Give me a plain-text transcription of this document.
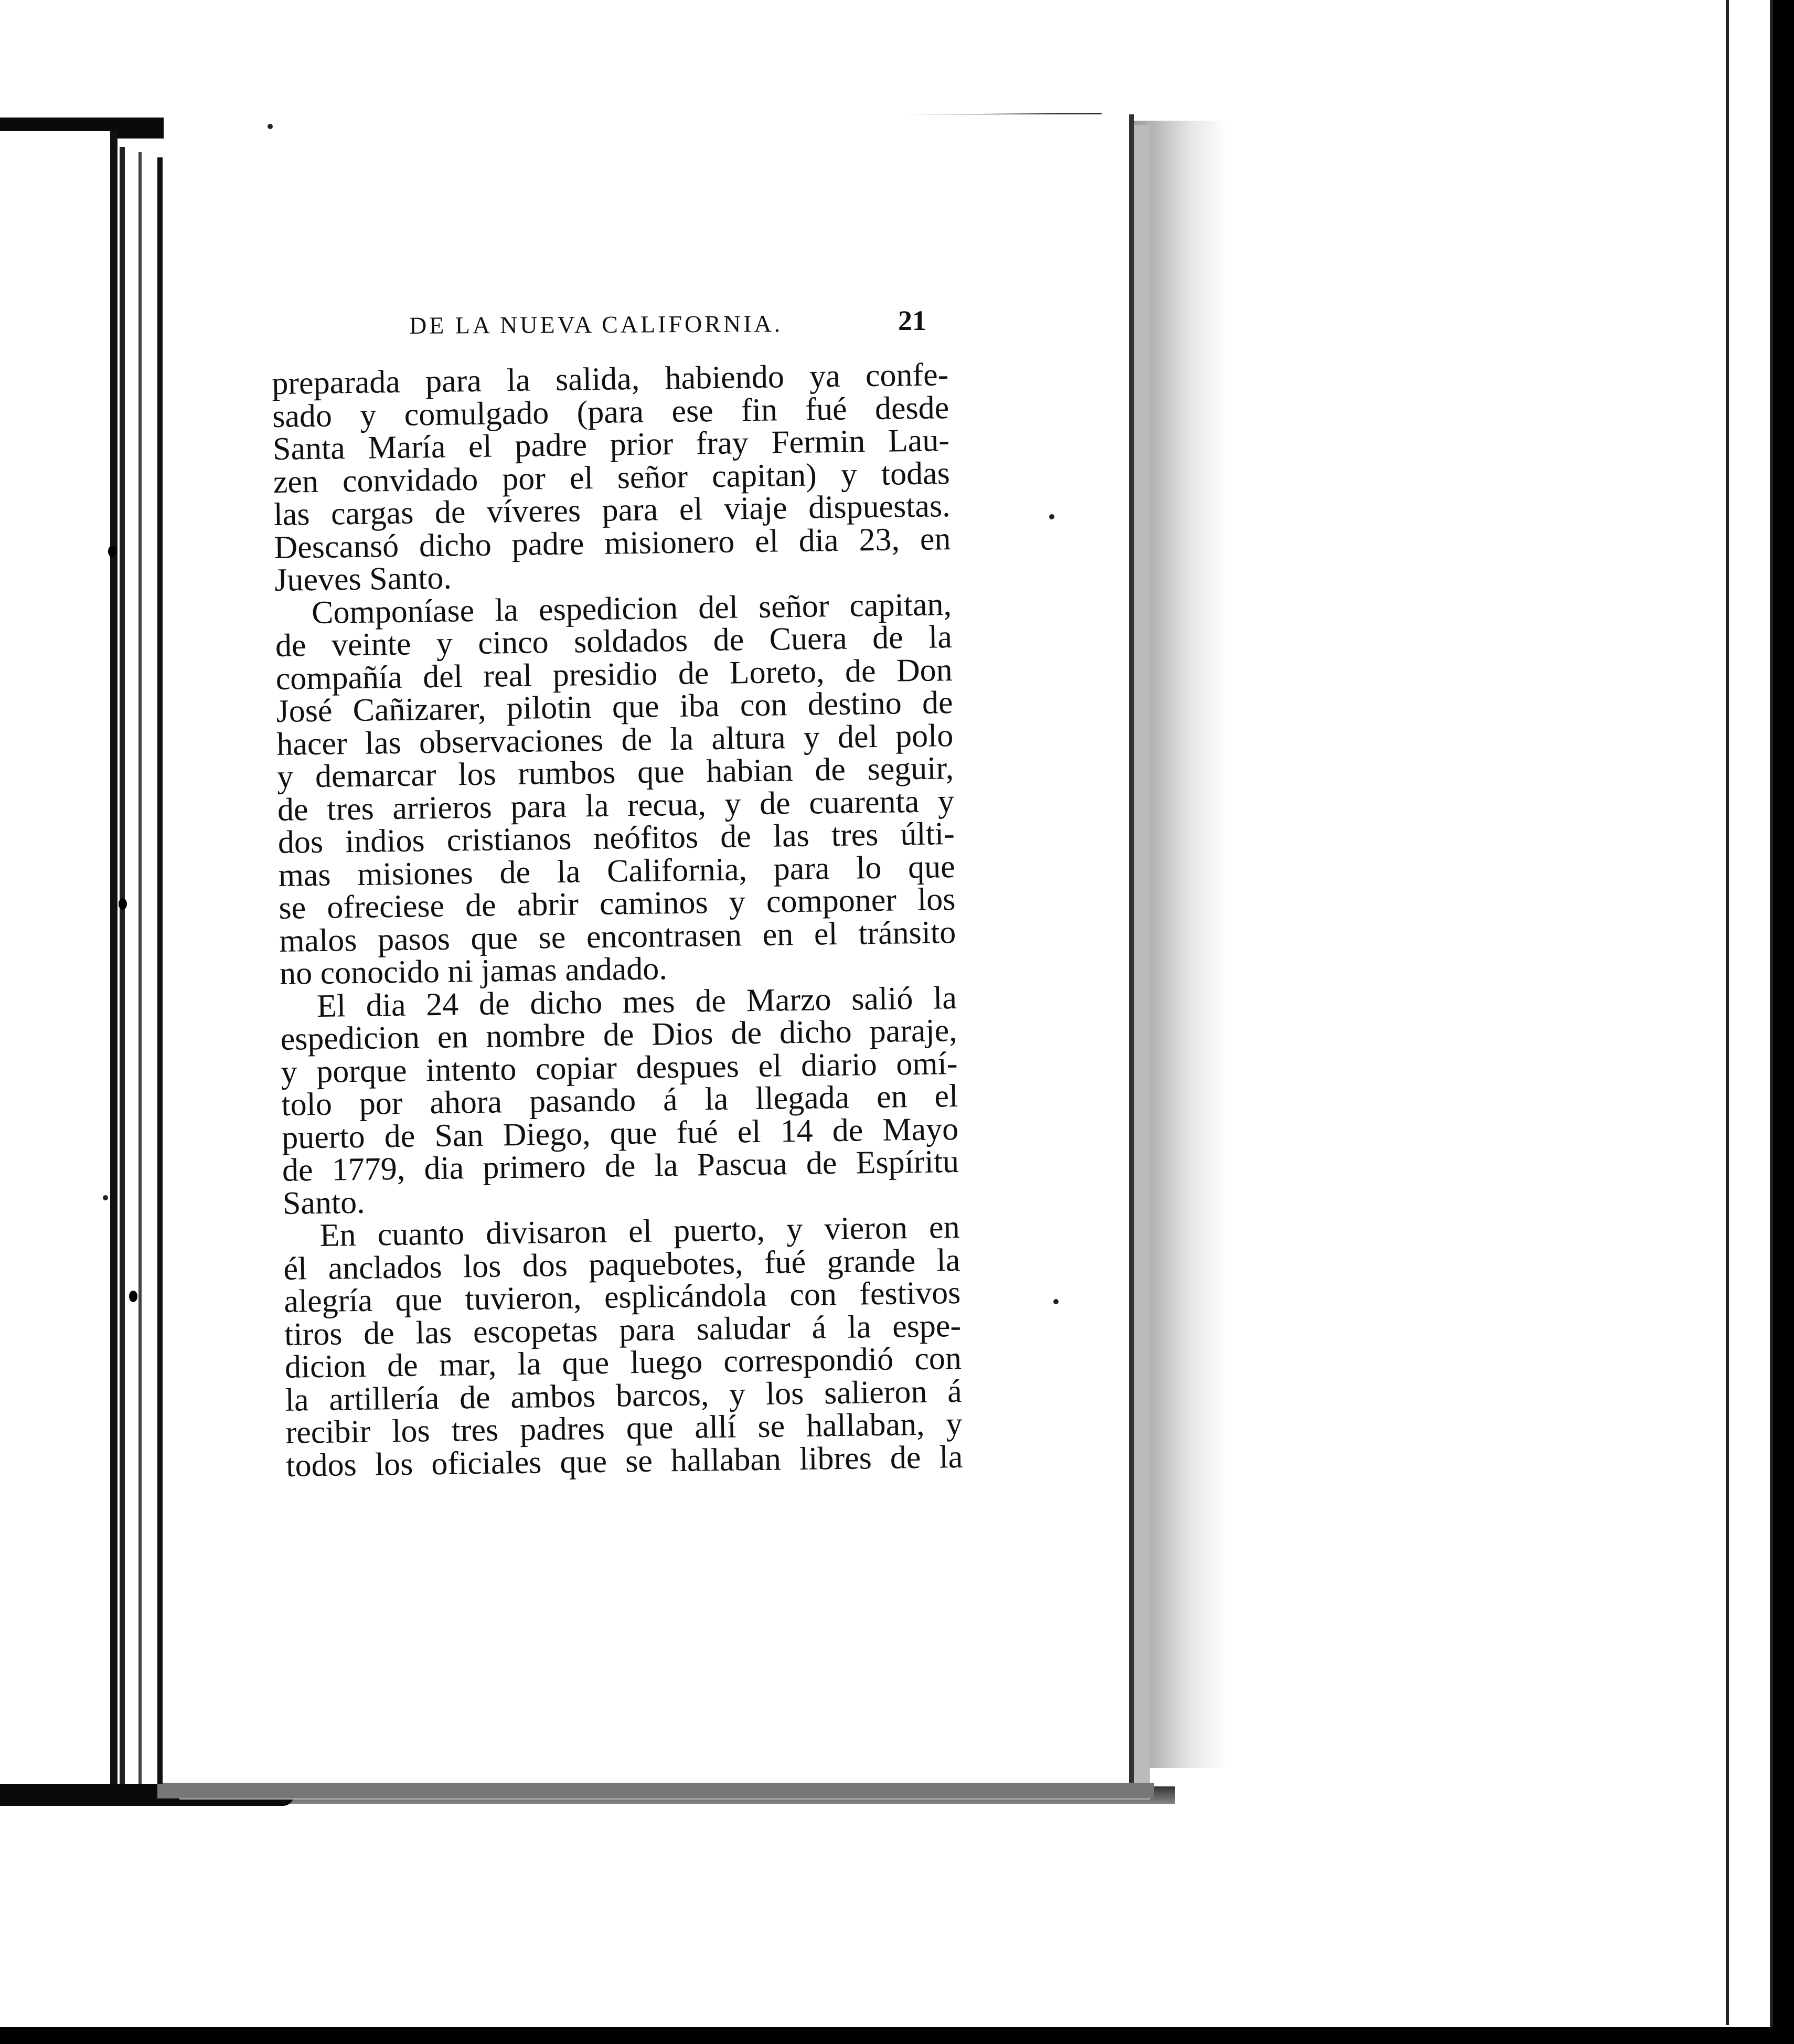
DE LA NUEVA CALIFORNIA.	21
preparada para la salida, habiendo ya confe-
sado y comulgado (para ese fin fué desde
Santa María el padre prior fray Fermin Lau-
zen convidado por el señor capitan) y todas
las cargas de víveres para el viaje dispuestas.
Descansó dicho padre misionero el dia 23, en
Jueves Santo.
Componíase la espedicion del señor capitan,
de veinte y cinco soldados de Cuera de la
compañía del real presidio de Loreto, de Don
José Cañizarer, pilotin que iba con destino de
hacer las observaciones de la altura y del polo
y demarcar los rumbos que habian de seguir,
de tres arrieros para la recua, y de cuarenta y
dos indios cristianos neófitos de las tres últi-
mas misiones de la California, para lo que
se ofreciese de abrir caminos y componer los
malos pasos que se encontrasen en el tránsito
no conocido ni jamas andado.
El dia 24 de dicho mes de Marzo salió la
espedicion en nombre de Dios de dicho paraje,
y porque intento copiar despues el diario omí-
tolo por ahora pasando á la llegada en el
puerto de San Diego, que fué el 14 de Mayo
de 1779, dia primero de la Pascua de Espíritu
Santo.
En cuanto divisaron el puerto, y vieron en
él anclados los dos paquebotes, fué grande la
alegría que tuvieron, esplicándola con festivos
tiros de las escopetas para saludar á la espe-
dicion de mar, la que luego correspondió con
la artillería de ambos barcos, y los salieron á
recibir los tres padres que allí se hallaban, y
todos los oficiales que se hallaban libres de la
